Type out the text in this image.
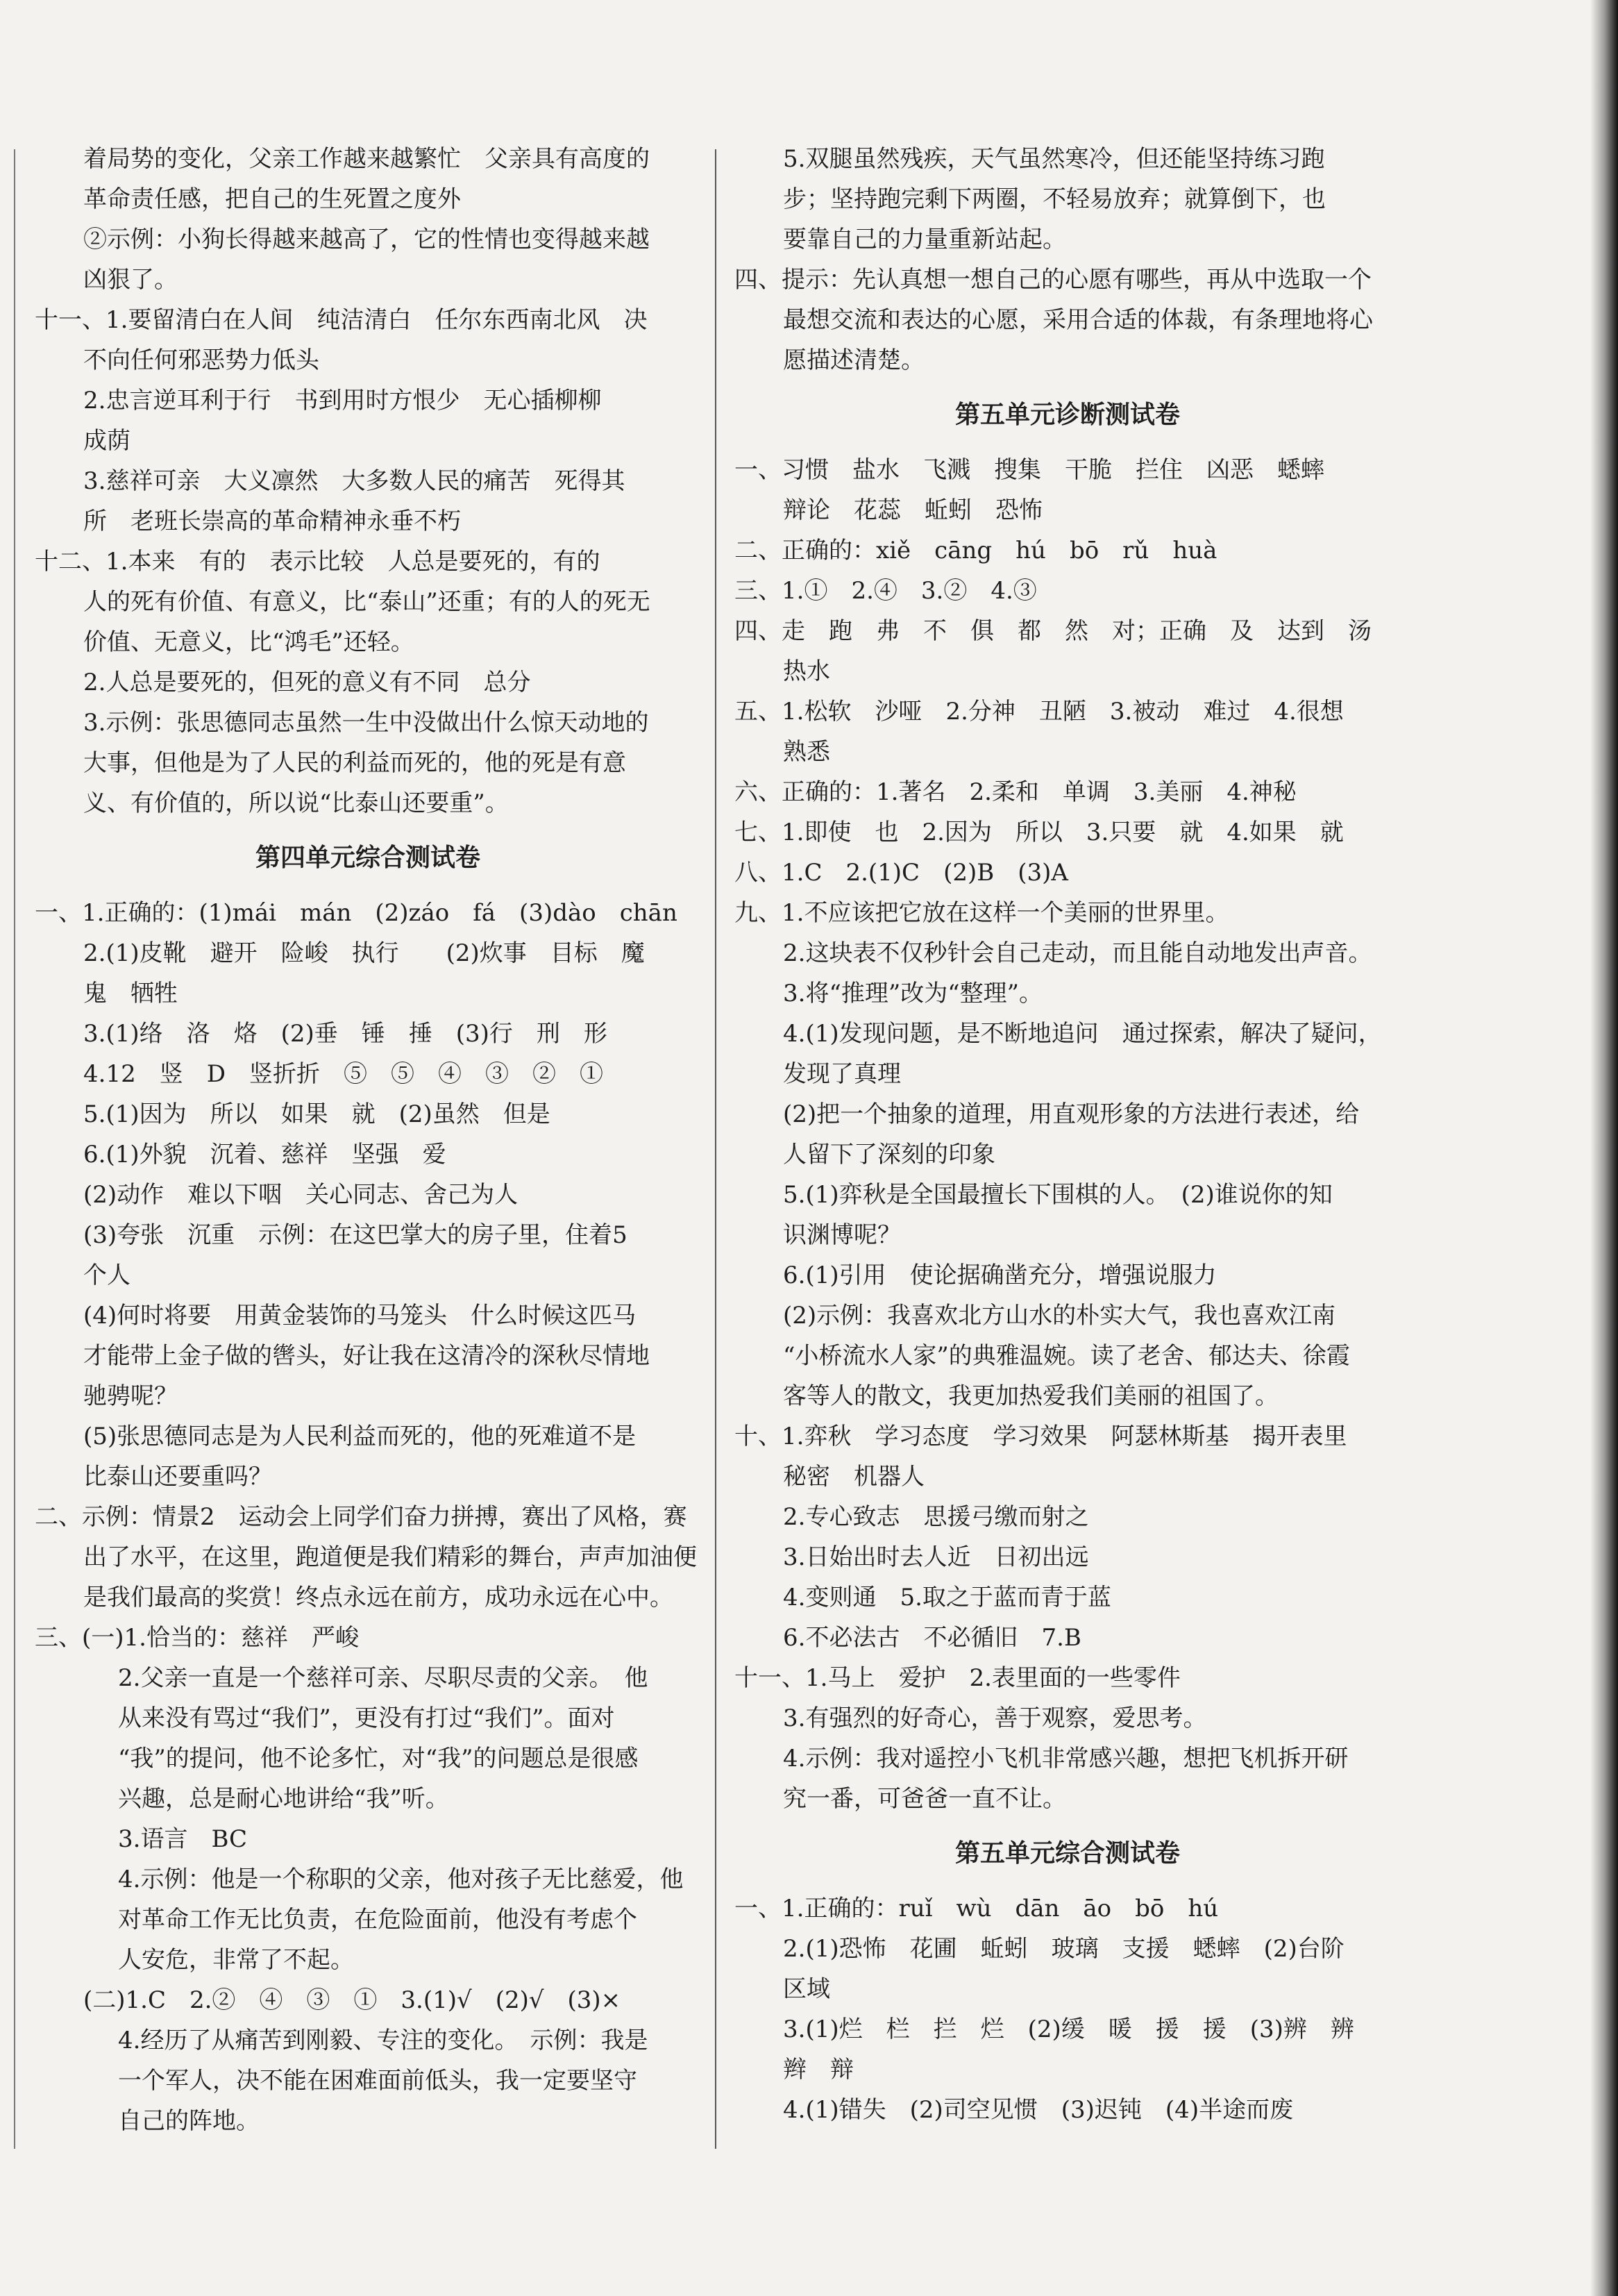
着局势的变化，父亲工作越来越繁忙　父亲具有高度的
革命责任感，把自己的生死置之度外
②示例：小狗长得越来越高了，它的性情也变得越来越
凶狠了。
十一、1.要留清白在人间　纯洁清白　任尔东西南北风　决
不向任何邪恶势力低头
2.忠言逆耳利于行　书到用时方恨少　无心插柳柳
成荫
3.慈祥可亲　大义凛然　大多数人民的痛苦　死得其
所　老班长崇高的革命精神永垂不朽
十二、1.本来　有的　表示比较　人总是要死的，有的
人的死有价值、有意义，比“泰山”还重；有的人的死无
价值、无意义，比“鸿毛”还轻。
2.人总是要死的，但死的意义有不同　总分
3.示例：张思德同志虽然一生中没做出什么惊天动地的
大事，但他是为了人民的利益而死的，他的死是有意
义、有价值的，所以说“比泰山还要重”。
第四单元综合测试卷
一、1.正确的：(1)mái　mán　(2)záo　fá　(3)dào　chān
2.(1)皮靴　避开　险峻　执行　　(2)炊事　目标　魔
鬼　牺牲
3.(1)络　洛　烙　(2)垂　锤　捶　(3)行　刑　形
4.12　竖　D　竖折折　⑤　⑤　④　③　②　①
5.(1)因为　所以　如果　就　(2)虽然　但是
6.(1)外貌　沉着、慈祥　坚强　爱
(2)动作　难以下咽　关心同志、舍己为人
(3)夸张　沉重　示例：在这巴掌大的房子里，住着5
个人
(4)何时将要　用黄金装饰的马笼头　什么时候这匹马
才能带上金子做的辔头，好让我在这清冷的深秋尽情地
驰骋呢？
(5)张思德同志是为人民利益而死的，他的死难道不是
比泰山还要重吗？
二、示例：情景2　运动会上同学们奋力拼搏，赛出了风格，赛
出了水平，在这里，跑道便是我们精彩的舞台，声声加油便
是我们最高的奖赏！终点永远在前方，成功永远在心中。
三、(一)1.恰当的：慈祥　严峻
2.父亲一直是一个慈祥可亲、尽职尽责的父亲。　他
从来没有骂过“我们”，更没有打过“我们”。面对
“我”的提问，他不论多忙，对“我”的问题总是很感
兴趣，总是耐心地讲给“我”听。
3.语言　BC
4.示例：他是一个称职的父亲，他对孩子无比慈爱，他
对革命工作无比负责，在危险面前，他没有考虑个
人安危，非常了不起。
(二)1.C　2.②　④　③　①　3.(1)√　(2)√　(3)×
4.经历了从痛苦到刚毅、专注的变化。　示例：我是
一个军人，决不能在困难面前低头，我一定要坚守
自己的阵地。
5.双腿虽然残疾，天气虽然寒冷，但还能坚持练习跑
步；坚持跑完剩下两圈，不轻易放弃；就算倒下，也
要靠自己的力量重新站起。
四、提示：先认真想一想自己的心愿有哪些，再从中选取一个
最想交流和表达的心愿，采用合适的体裁，有条理地将心
愿描述清楚。
第五单元诊断测试卷
一、习惯　盐水　飞溅　搜集　干脆　拦住　凶恶　蟋蟀
辩论　花蕊　蚯蚓　恐怖
二、正确的：xiě　cāng　hú　bō　rǔ　huà
三、1.①　2.④　3.②　4.③
四、走　跑　弗　不　俱　都　然　对；正确　及　达到　汤
热水
五、1.松软　沙哑　2.分神　丑陋　3.被动　难过　4.很想
熟悉
六、正确的：1.著名　2.柔和　单调　3.美丽　4.神秘
七、1.即使　也　2.因为　所以　3.只要　就　4.如果　就
八、1.C　2.(1)C　(2)B　(3)A
九、1.不应该把它放在这样一个美丽的世界里。
2.这块表不仅秒针会自己走动，而且能自动地发出声音。
3.将“推理”改为“整理”。
4.(1)发现问题，是不断地追问　通过探索，解决了疑问，
发现了真理
(2)把一个抽象的道理，用直观形象的方法进行表述，给
人留下了深刻的印象
5.(1)弈秋是全国最擅长下围棋的人。　(2)谁说你的知
识渊博呢？
6.(1)引用　使论据确凿充分，增强说服力
(2)示例：我喜欢北方山水的朴实大气，我也喜欢江南
“小桥流水人家”的典雅温婉。读了老舍、郁达夫、徐霞
客等人的散文，我更加热爱我们美丽的祖国了。
十、1.弈秋　学习态度　学习效果　阿瑟林斯基　揭开表里
秘密　机器人
2.专心致志　思援弓缴而射之
3.日始出时去人近　日初出远
4.变则通　5.取之于蓝而青于蓝
6.不必法古　不必循旧　7.B
十一、1.马上　爱护　2.表里面的一些零件
3.有强烈的好奇心，善于观察，爱思考。
4.示例：我对遥控小飞机非常感兴趣，想把飞机拆开研
究一番，可爸爸一直不让。
第五单元综合测试卷
一、1.正确的：ruǐ　wù　dān　āo　bō　hú
2.(1)恐怖　花圃　蚯蚓　玻璃　支援　蟋蟀　(2)台阶
区域
3.(1)烂　栏　拦　烂　(2)缓　暖　援　援　(3)辨　辨
辫　辩
4.(1)错失　(2)司空见惯　(3)迟钝　(4)半途而废
